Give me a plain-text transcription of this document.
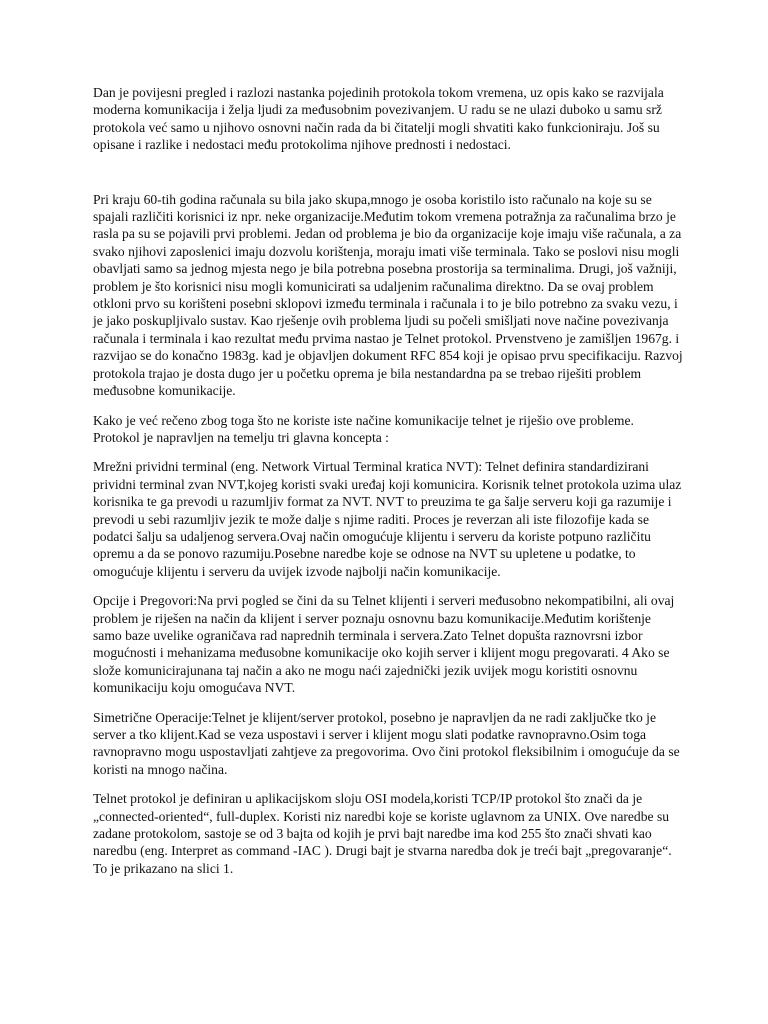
Dan je povijesni pregled i razlozi nastanka pojedinih protokola tokom vremena, uz opis kako se razvijala moderna komunikacija i želja ljudi za međusobnim povezivanjem. U radu se ne ulazi duboko u samu srž protokola već samo u njihovo osnovni način rada da bi čitatelji mogli shvatiti kako funkcioniraju. Još su opisane i razlike i nedostaci među protokolima njihove prednosti i nedostaci.

Pri kraju 60-tih godina računala su bila jako skupa,mnogo je osoba koristilo isto računalo na koje su se spajali različiti korisnici iz npr. neke organizacije.Međutim tokom vremena potražnja za računalima brzo je rasla pa su se pojavili prvi problemi. Jedan od problema je bio da organizacije koje imaju više računala, a za svako njihovi zaposlenici imaju dozvolu korištenja, moraju imati više terminala. Tako se poslovi nisu mogli obavljati samo sa jednog mjesta nego je bila potrebna posebna prostorija sa terminalima. Drugi, još važniji, problem je što korisnici nisu mogli komunicirati sa udaljenim računalima direktno. Da se ovaj problem otkloni prvo su korišteni posebni sklopovi između terminala i računala i to je bilo potrebno za svaku vezu, i je jako poskupljivalo sustav. Kao rješenje ovih problema ljudi su počeli smišljati nove načine povezivanja računala i terminala i kao rezultat među prvima nastao je Telnet protokol. Prvenstveno je zamišljen 1967g. i razvijao se do konačno 1983g. kad je objavljen dokument RFC 854 koji je opisao prvu specifikaciju. Razvoj protokola trajao je dosta dugo jer u početku oprema je bila nestandardna pa se trebao riješiti problem međusobne komunikacije.

Kako je već rečeno zbog toga što ne koriste iste načine komunikacije telnet je riješio ove probleme. Protokol je napravljen na temelju tri glavna koncepta :

Mrežni prividni terminal (eng. Network Virtual Terminal kratica NVT): Telnet definira standardizirani prividni terminal zvan NVT,kojeg koristi svaki uređaj koji komunicira. Korisnik telnet protokola uzima ulaz korisnika te ga prevodi u razumljiv format za NVT. NVT to preuzima te ga šalje serveru koji ga razumije i prevodi u sebi razumljiv jezik te može dalje s njime raditi. Proces je reverzan ali iste filozofije kada se podatci šalju sa udaljenog servera.Ovaj način omogućuje klijentu i serveru da koriste potpuno različitu opremu a da se ponovo razumiju.Posebne naredbe koje se odnose na NVT su upletene u podatke, to omogućuje klijentu i serveru da uvijek izvode najbolji način komunikacije.

Opcije i Pregovori:Na prvi pogled se čini da su Telnet klijenti i serveri međusobno nekompatibilni, ali ovaj problem je riješen na način da klijent i server poznaju osnovnu bazu komunikacije.Međutim korištenje samo baze uvelike ograničava rad naprednih terminala i servera.Zato Telnet dopušta raznovrsni izbor mogućnosti i mehanizama međusobne komunikacije oko kojih server i klijent mogu pregovarati. 4 Ako se slože komunicirajunana taj način a ako ne mogu naći zajednički jezik uvijek mogu koristiti osnovnu komunikaciju koju omogućava NVT.

Simetrične Operacije:Telnet je klijent/server protokol, posebno je napravljen da ne radi zaključke tko je server a tko klijent.Kad se veza uspostavi i server i klijent mogu slati podatke ravnopravno.Osim toga ravnopravno mogu uspostavljati zahtjeve za pregovorima. Ovo čini protokol fleksibilnim i omogućuje da se koristi na mnogo načina.

Telnet protokol je definiran u aplikacijskom sloju OSI modela,koristi TCP/IP protokol što znači da je „connected-oriented“, full-duplex. Koristi niz naredbi koje se koriste uglavnom za UNIX. Ove naredbe su zadane protokolom, sastoje se od 3 bajta od kojih je prvi bajt naredbe ima kod 255 što znači shvati kao naredbu (eng. Interpret as command -IAC ). Drugi bajt je stvarna naredba dok je treći bajt „pregovaranje“. To je prikazano na slici 1.
